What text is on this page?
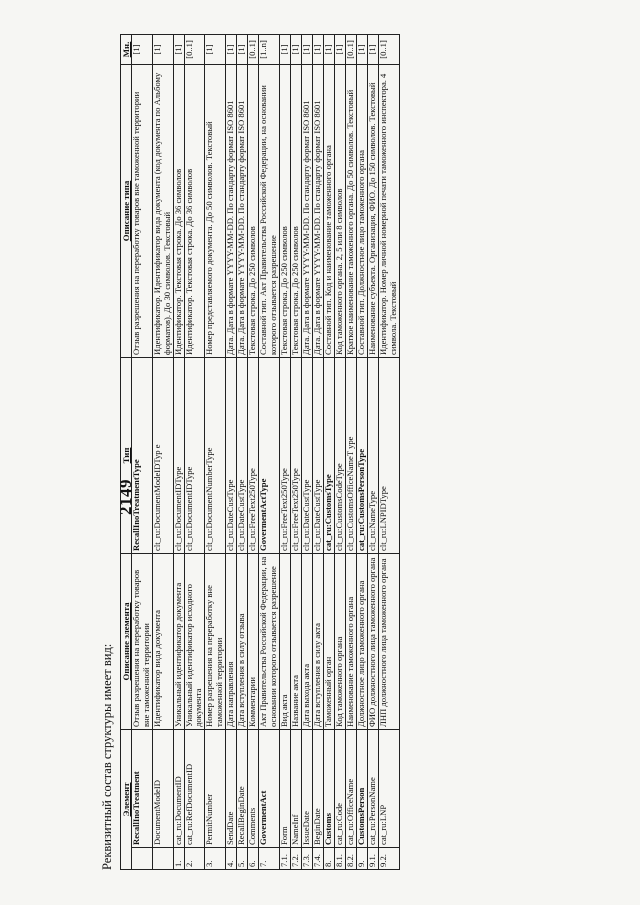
Реквизитный состав структуры имеет вид:
2149
Элемент		Описание элемента	Тип	Описание типа	Мн.
	RecallInoTreatment	Отзыв разрешения на переработку товаров вне таможенной территории	RecallInoTreatmentType	Отзыв разрешения на переработку товаров вне таможенной территории	[1]
	DocumentModeID	Идентификатор вида документа	clt_ru:DocumentModeIDTyp e	Идентификатор. Идентификатор вида документа (код документа по Альбому форматов). До 30 символов. Текстовый	[1]
1.	cat_ru:DocumentID	Уникальный идентификатор документа	clt_ru:DocumentIDType	Идентификатор. Текстовая строка. До 36 символов	[1]
2.	cat_ru:RefDocumentID	Уникальный идентификатор исходного документа	clt_ru:DocumentIDType	Идентификатор. Текстовая строка. До 36 символов	[0..1]
3.	PermitNumber	Номер разрешения на переработку вне таможенной территории	clt_ru:DocumentNumberType	Номер представляемого документа. До 50 символов. Текстовый	[1]
4.	SendDate	Дата направления	clt_ru:DateCustType	Дата. Дата в формате YYYY-MM-DD. По стандарту формат ISO 8601	[1]
5.	RecallBeginDate	Дата вступления в силу отзыва	clt_ru:DateCustType	Дата. Дата в формате YYYY-MM-DD. По стандарту формат ISO 8601	[1]
6.	Comments	Комментарии	clt_ru:FreeText250Type	Текстовая строка. До 250 символов	[0..1]
7.	GovermentAct	Акт Правительства Российской Федерации, на основании которого отзывается разрешение	GovermentActType	Составной тип. Акт Правительства Российской Федерации, на основании которого отзывается разрешение	[1..n]
7.1.	Form	Вид акта	clt_ru:FreeText250Type	Текстовая строка. До 250 символов	[1]
7.2.	NameInf	Название акта	clt_ru:FreeText250Type	Текстовая строка. До 250 символов	[1]
7.3.	IssueDate	Дата выхода акта	clt_ru:DateCustType	Дата. Дата в формате YYYY-MM-DD. По стандарту формат ISO 8601	[1]
7.4.	BeginDate	Дата вступления в силу акта	clt_ru:DateCustType	Дата. Дата в формате YYYY-MM-DD. По стандарту формат ISO 8601	[1]
8.	Customs	Таможенный орган	cat_ru:CustomsType	Составной тип. Код и наименование таможенного органа	[1]
8.1.	cat_ru:Code	Код таможенного органа	clt_ru:CustomsCodeType	Код таможенного органа. 2, 5 или 8 символов	[1]
8.2.	cat_ru:OfficeName	Наименование таможенного органа	clt_ru:CustomsOfficeNameT ype	Краткое наименование таможенного органа. До 50 символов. Текстовый	[0..1]
9.	CustomsPerson	Должностное лицо таможенного органа	cat_ru:CustomsPersonType	Составной тип. Должностное лицо таможенного органа	[1]
9.1.	cat_ru:PersonName	ФИО должностного лица таможенного органа	clt_ru:NameType	Наименование субъекта. Организация, ФИО. До 150 символов. Текстовый	[1]
9.2.	cat_ru:LNP	ЛНП должностного лица таможенного органа	clt_ru:LNPIDType	Идентификатор. Номер личной номерной печати таможенного инспектора. 4 символа. Текстовый	[0..1]
